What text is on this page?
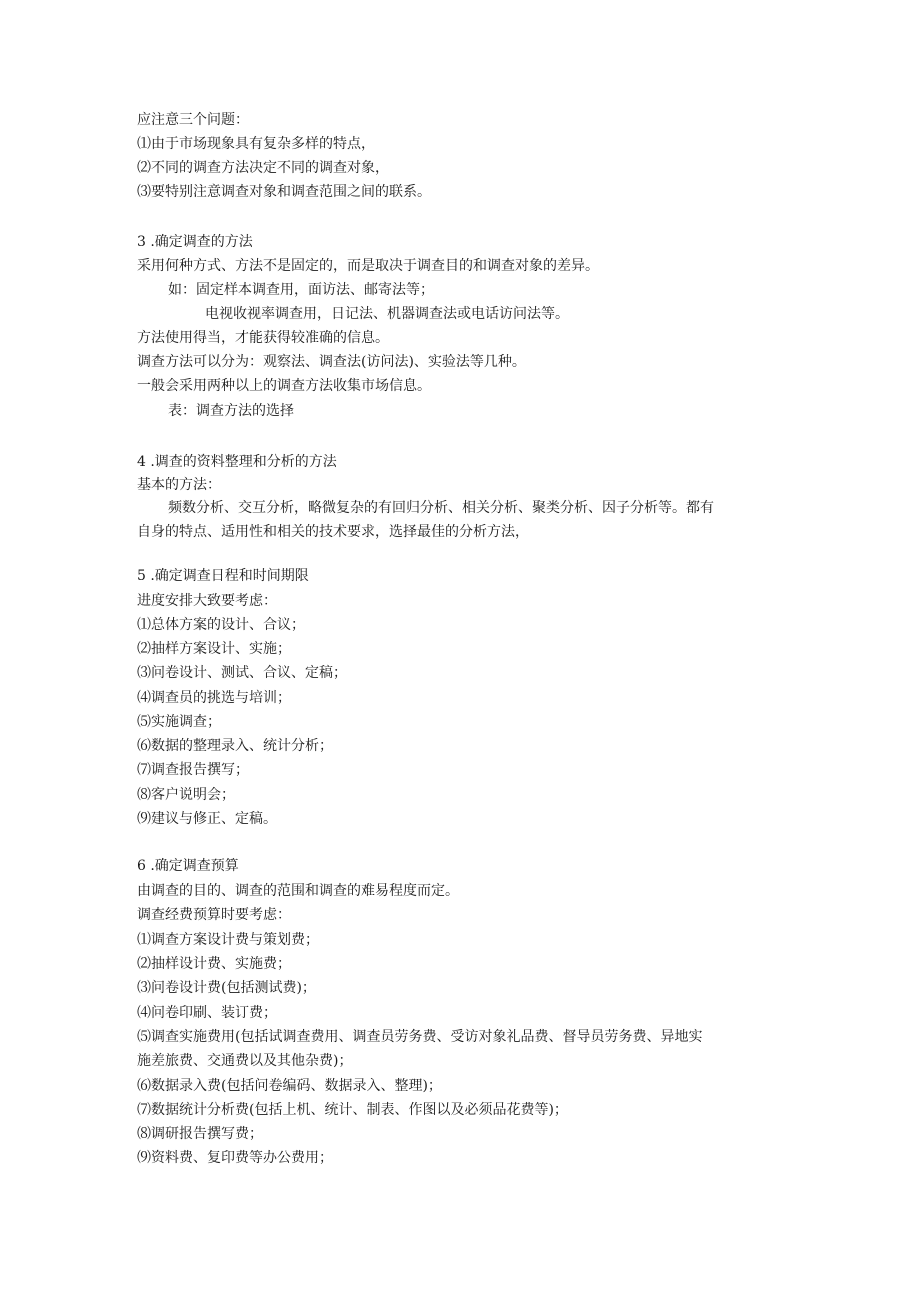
应注意三个问题：
⑴由于市场现象具有复杂多样的特点，
⑵不同的调查方法决定不同的调查对象，
⑶要特别注意调查对象和调查范围之间的联系。
3 .确定调查的方法
采用何种方式、方法不是固定的，而是取决于调查目的和调查对象的差异。
如：固定样本调查用，面访法、邮寄法等；
电视收视率调查用，日记法、机器调查法或电话访问法等。
方法使用得当，才能获得较准确的信息。
调查方法可以分为：观察法、调查法(访问法)、实验法等几种。
一般会采用两种以上的调查方法收集市场信息。
表：调查方法的选择
4 .调查的资料整理和分析的方法
基本的方法：
频数分析、交互分析，略微复杂的有回归分析、相关分析、聚类分析、因子分析等。都有
自身的特点、适用性和相关的技术要求，选择最佳的分析方法，
5 .确定调查日程和时间期限
进度安排大致要考虑：
⑴总体方案的设计、合议；
⑵抽样方案设计、实施；
⑶问卷设计、测试、合议、定稿；
⑷调查员的挑选与培训；
⑸实施调查；
⑹数据的整理录入、统计分析；
⑺调查报告撰写；
⑻客户说明会；
⑼建议与修正、定稿。
6 .确定调查预算
由调查的目的、调查的范围和调查的难易程度而定。
调查经费预算时要考虑：
⑴调查方案设计费与策划费；
⑵抽样设计费、实施费；
⑶问卷设计费(包括测试费)；
⑷问卷印刷、装订费；
⑸调查实施费用(包括试调查费用、调查员劳务费、受访对象礼品费、督导员劳务费、异地实
施差旅费、交通费以及其他杂费)；
⑹数据录入费(包括问卷编码、数据录入、整理)；
⑺数据统计分析费(包括上机、统计、制表、作图以及必须品花费等)；
⑻调研报告撰写费；
⑼资料费、复印费等办公费用；
